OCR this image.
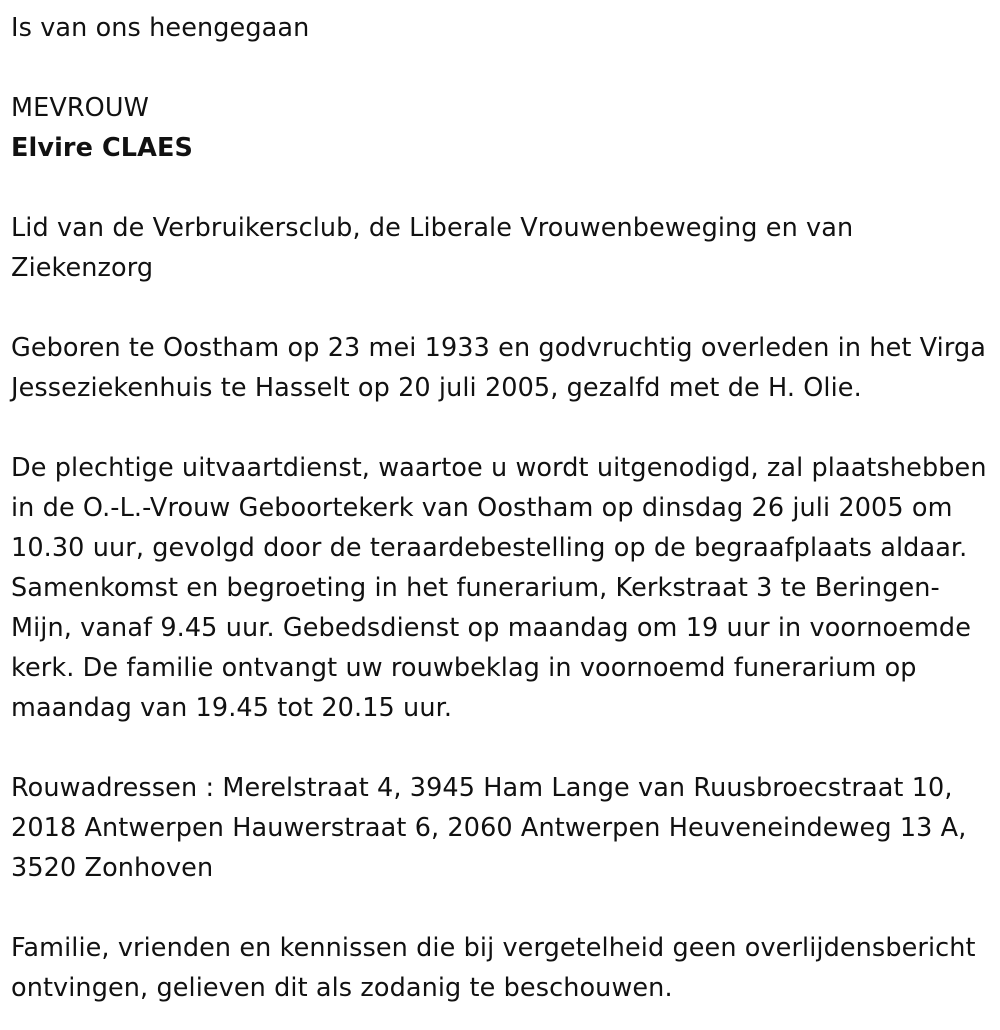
Is van ons heengegaan

MEVROUW

Elvire CLAES

Lid van de Verbruikersclub, de Liberale Vrouwenbeweging en van Ziekenzorg

Geboren te Oostham op 23 mei 1933 en godvruchtig overleden in het Virga Jesseziekenhuis te Hasselt op 20 juli 2005, gezalfd met de H. Olie.

De plechtige uitvaartdienst, waartoe u wordt uitgenodigd, zal plaatshebben in de O.-L.-Vrouw Geboortekerk van Oostham op dinsdag 26 juli 2005 om 10.30 uur, gevolgd door de teraardebestelling op de begraafplaats aldaar. Samenkomst en begroeting in het funerarium, Kerkstraat 3 te Beringen-Mijn, vanaf 9.45 uur. Gebedsdienst op maandag om 19 uur in voornoemde kerk. De familie ontvangt uw rouwbeklag in voornoemd funerarium op maandag van 19.45 tot 20.15 uur.

Rouwadressen : Merelstraat 4, 3945 Ham Lange van Ruusbroecstraat 10, 2018 Antwerpen Hauwerstraat 6, 2060 Antwerpen Heuveneindeweg 13 A, 3520 Zonhoven

Familie, vrienden en kennissen die bij vergetelheid geen overlijdensbericht ontvingen, gelieven dit als zodanig te beschouwen.
